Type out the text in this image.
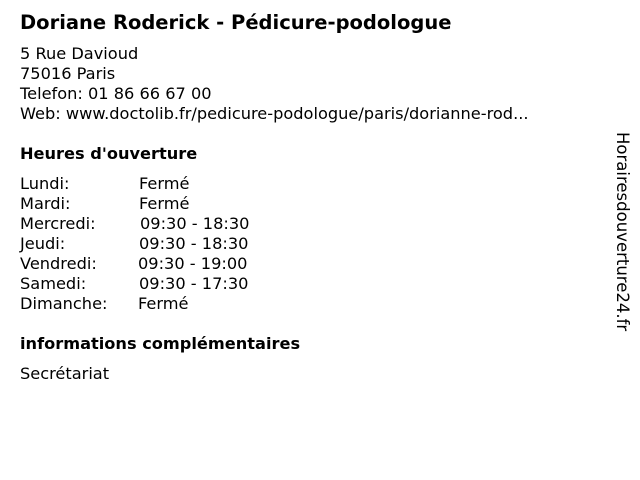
Doriane Roderick - Pédicure-podologue
5 Rue Davioud
75016 Paris
Telefon: 01 86 66 67 00
Web: www.doctolib.fr/pedicure-podologue/paris/dorianne-rod...
Heures d'ouverture
Lundi:	Fermé
Mardi:	Fermé
Mercredi:	09:30 - 18:30
Jeudi:	09:30 - 18:30
Vendredi:	09:30 - 19:00
Samedi:	09:30 - 17:30
Dimanche: Fermé
informations complémentaires
Secrétariat
Horairesdouverture24.fr
